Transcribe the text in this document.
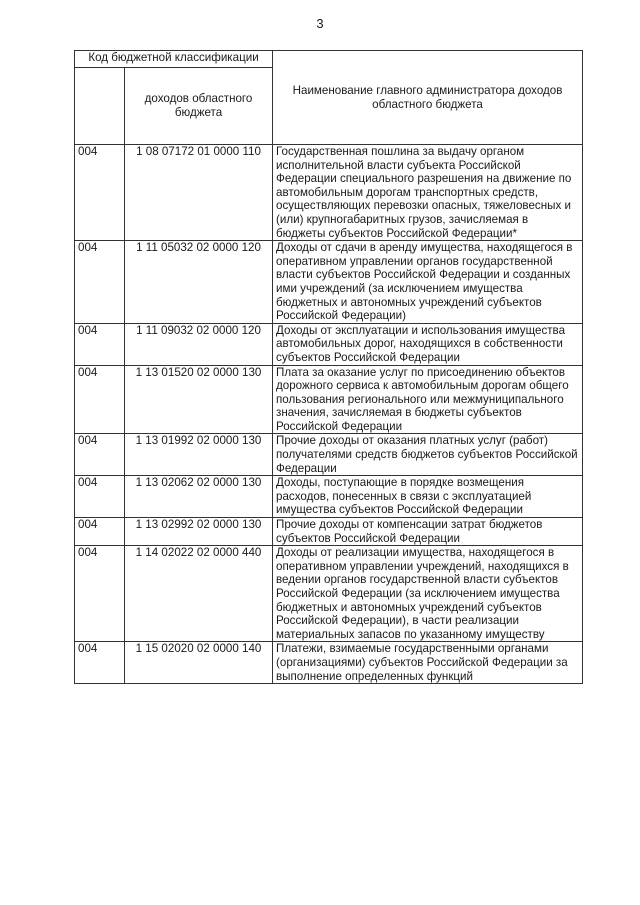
3
Код бюджетной классификации		Наименование главного администратора доходов областного бюджета
	доходов областного бюджета	
004	1 08 07172 01 0000 110	Государственная пошлина за выдачу органом исполнительной власти субъекта Российской Федерации специального разрешения на движение по автомобильным дорогам транспортных средств, осуществляющих перевозки опасных, тяжеловесных и (или) крупногабаритных грузов, зачисляемая в бюджеты субъектов Российской Федерации*
004	1 11 05032 02 0000 120	Доходы от сдачи в аренду имущества, находящегося в оперативном управлении органов государственной власти субъектов Российской Федерации и созданных ими учреждений (за исключением имущества бюджетных и автономных учреждений субъектов Российской Федерации)
004	1 11 09032 02 0000 120	Доходы от эксплуатации и использования имущества автомобильных дорог, находящихся в собственности субъектов Российской Федерации
004	1 13 01520 02 0000 130	Плата за оказание услуг по присоединению объектов дорожного сервиса к автомобильным дорогам общего пользования регионального или межмуниципального значения, зачисляемая в бюджеты субъектов Российской Федерации
004	1 13 01992 02 0000 130	Прочие доходы от оказания платных услуг (работ) получателями средств бюджетов субъектов Российской Федерации
004	1 13 02062 02 0000 130	Доходы, поступающие в порядке возмещения расходов, понесенных в связи с эксплуатацией имущества субъектов Российской Федерации
004	1 13 02992 02 0000 130	Прочие доходы от компенсации затрат бюджетов субъектов Российской Федерации
004	1 14 02022 02 0000 440	Доходы от реализации имущества, находящегося в оперативном управлении учреждений, находящихся в ведении органов государственной власти субъектов Российской Федерации (за исключением имущества бюджетных и автономных учреждений субъектов Российской Федерации), в части реализации материальных запасов по указанному имуществу
004	1 15 02020 02 0000 140	Платежи, взимаемые государственными органами (организациями) субъектов Российской Федерации за выполнение определенных функций
